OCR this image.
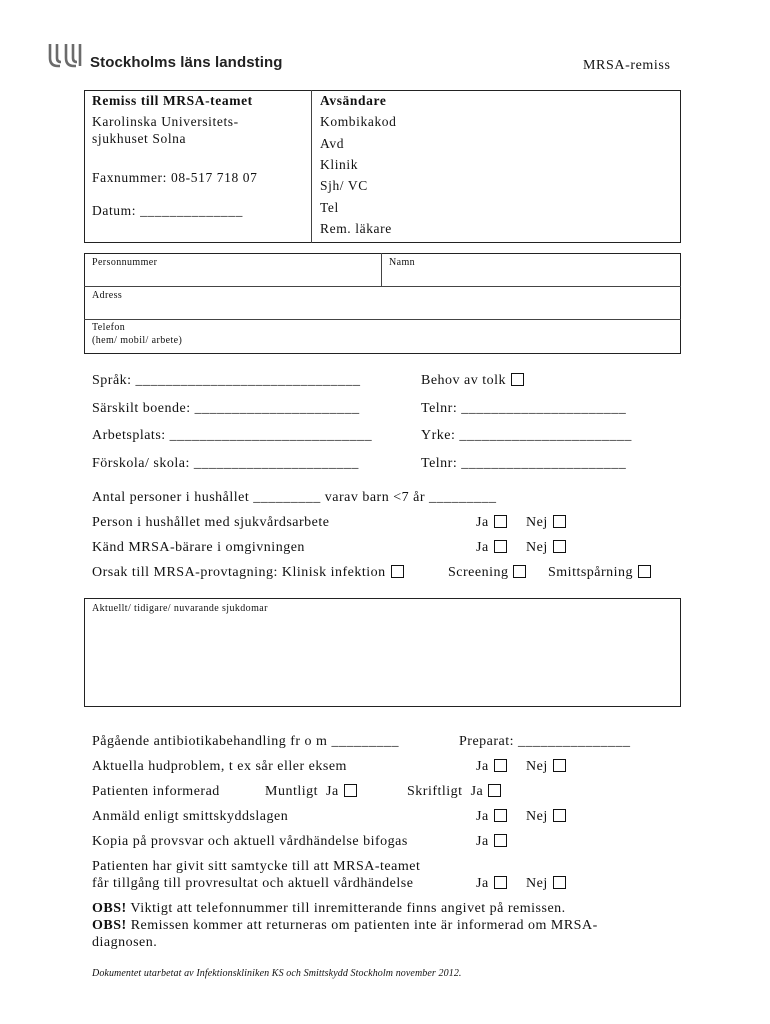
Stockholms läns landsting	MRSA-remiss
Remiss till MRSA-teamet
Karolinska Universitets-
sjukhuset Solna
Faxnummer: 08-517 718 07
Datum: ______________
Avsändare
Kombikakod
Avd
Klinik
Sjh/ VC
Tel
Rem. läkare
Personnummer	Namn
Adress
Telefon
(hem/ mobil/ arbete)
Språk: ______________________________	Behov av tolk
Särskilt boende: ______________________	Telnr: ______________________
Arbetsplats: ___________________________	Yrke: _______________________
Förskola/ skola: ______________________	Telnr: ______________________
Antal personer i hushållet _________ varav barn <7 år _________
Person i hushållet med sjukvårdsarbete	Ja	Nej
Känd MRSA-bärare i omgivningen	Ja	Nej
Orsak till MRSA-provtagning: Klinisk infektion	Screening	Smittspårning
Aktuellt/ tidigare/ nuvarande sjukdomar
Pågående antibiotikabehandling fr o m _________	Preparat: _______________
Aktuella hudproblem, t ex sår eller eksem	Ja	Nej
Patienten informerad	Muntligt Ja	Skriftligt Ja
Anmäld enligt smittskyddslagen	Ja	Nej
Kopia på provsvar och aktuell vårdhändelse bifogas	Ja
Patienten har givit sitt samtycke till att MRSA-teamet
får tillgång till provresultat och aktuell vårdhändelse	Ja	Nej
OBS! Viktigt att telefonnummer till inremitterande finns angivet på remissen.
OBS! Remissen kommer att returneras om patienten inte är informerad om MRSA-
diagnosen.
Dokumentet utarbetat av Infektionskliniken KS och Smittskydd Stockholm november 2012.
